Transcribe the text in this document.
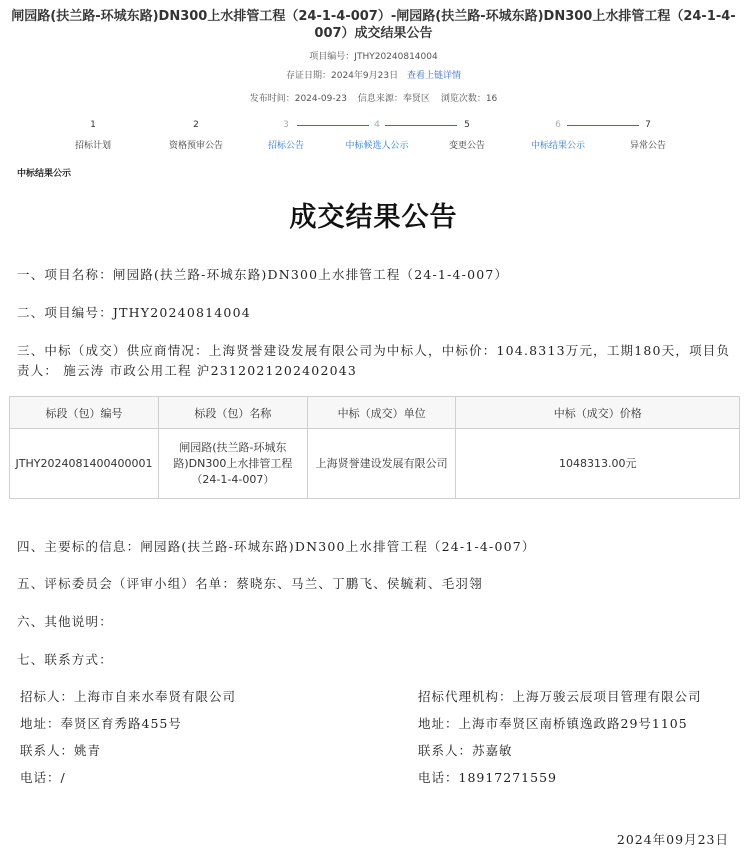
闸园路(扶兰路-环城东路)DN300上水排管工程（24-1-4-007）-闸园路(扶兰路-环城东路)DN300上水排管工程（24-1-4-007）成交结果公告
项目编号：JTHY20240814004
存证日期：2024年9月23日 查看上链详情
发布时间：2024-09-23 信息来源：奉贤区 浏览次数：16
1
招标计划
2
资格预审公告
3
招标公告
4
中标候选人公示
5
变更公告
6
中标结果公示
7
异常公告
中标结果公示
成交结果公告
一、项目名称：闸园路(扶兰路-环城东路)DN300上水排管工程（24-1-4-007）
二、项目编号：JTHY20240814004
三、中标（成交）供应商情况：上海贤誉建设发展有限公司为中标人，中标价：104.8313万元，工期180天，项目负责人： 施云涛 市政公用工程 沪2312021202402043
标段（包）编号	标段（包）名称	中标（成交）单位	中标（成交）价格
JTHY2024081400400001	闸园路(扶兰路-环城东路)DN300上水排管工程（24-1-4-007）	上海贤誉建设发展有限公司	1048313.00元
四、主要标的信息：闸园路(扶兰路-环城东路)DN300上水排管工程（24-1-4-007）
五、评标委员会（评审小组）名单：蔡晓东、马兰、丁鹏飞、侯毓莉、毛羽翎
六、其他说明：
七、联系方式：
招标人：上海市自来水奉贤有限公司
地址：奉贤区育秀路455号
联系人：姚青
电话：/
招标代理机构：上海万骏云辰项目管理有限公司
地址：上海市奉贤区南桥镇逸政路29号1105
联系人：苏嘉敏
电话：18917271559
2024年09月23日
